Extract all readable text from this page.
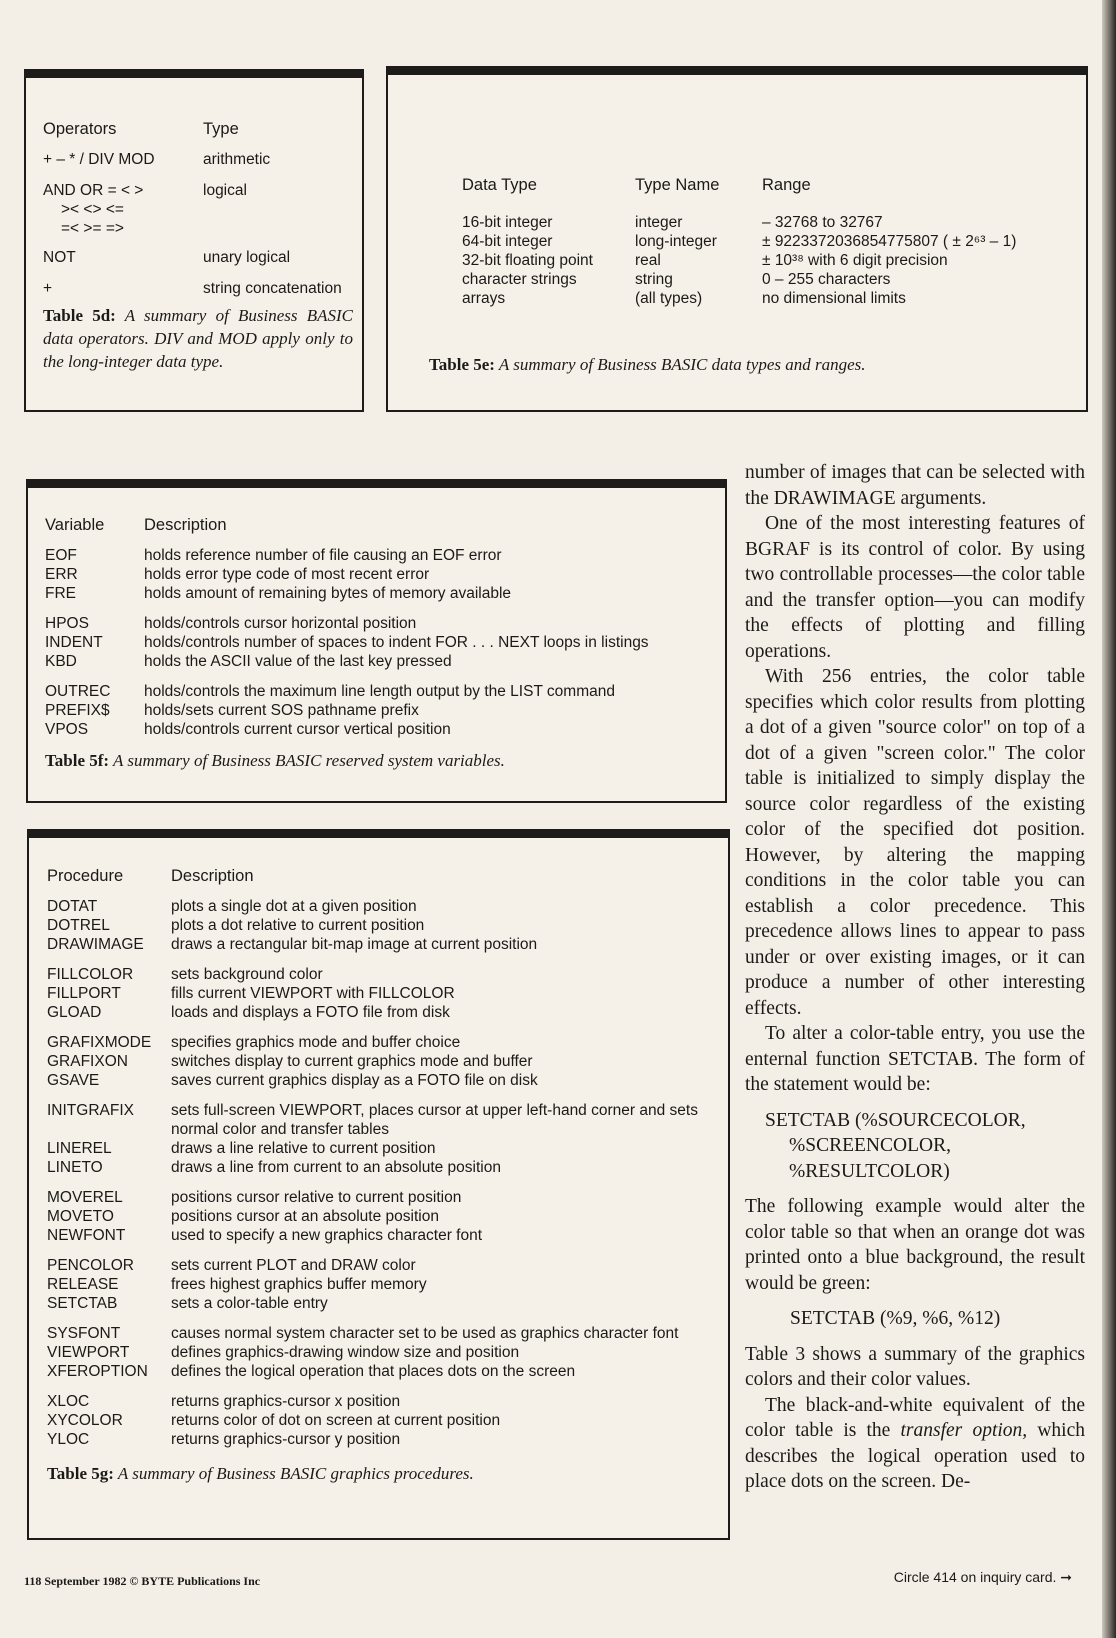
Operators	Type
+ – * / DIV MOD	arithmetic
AND OR = < >	logical
>< <> <=
=< >= =>
NOT	unary logical
+	string concatenation
Table 5d: A summary of Business BASIC data operators. DIV and MOD apply only to the long-integer data type.
Data Type	Type Name	Range
16-bit integer	integer	– 32768 to 32767
64-bit integer	long-integer	± 9223372036854775807 ( ± 2⁶³ – 1)
32-bit floating point	real	± 10³⁸ with 6 digit precision
character strings	string	0 – 255 characters
arrays	(all types)	no dimensional limits
Table 5e: A summary of Business BASIC data types and ranges.
Variable	Description
EOF	holds reference number of file causing an EOF error
ERR	holds error type code of most recent error
FRE	holds amount of remaining bytes of memory available
HPOS	holds/controls cursor horizontal position
INDENT	holds/controls number of spaces to indent FOR . . . NEXT loops in listings
KBD	holds the ASCII value of the last key pressed
OUTREC	holds/controls the maximum line length output by the LIST command
PREFIX$	holds/sets current SOS pathname prefix
VPOS	holds/controls current cursor vertical position
Table 5f: A summary of Business BASIC reserved system variables.
Procedure	Description
DOTAT	plots a single dot at a given position
DOTREL	plots a dot relative to current position
DRAWIMAGE	draws a rectangular bit-map image at current position
FILLCOLOR	sets background color
FILLPORT	fills current VIEWPORT with FILLCOLOR
GLOAD	loads and displays a FOTO file from disk
GRAFIXMODE	specifies graphics mode and buffer choice
GRAFIXON	switches display to current graphics mode and buffer
GSAVE	saves current graphics display as a FOTO file on disk
INITGRAFIX	sets full-screen VIEWPORT, places cursor at upper left-hand corner and sets normal color and transfer tables
LINEREL	draws a line relative to current position
LINETO	draws a line from current to an absolute position
MOVEREL	positions cursor relative to current position
MOVETO	positions cursor at an absolute position
NEWFONT	used to specify a new graphics character font
PENCOLOR	sets current PLOT and DRAW color
RELEASE	frees highest graphics buffer memory
SETCTAB	sets a color-table entry
SYSFONT	causes normal system character set to be used as graphics character font
VIEWPORT	defines graphics-drawing window size and position
XFEROPTION	defines the logical operation that places dots on the screen
XLOC	returns graphics-cursor x position
XYCOLOR	returns color of dot on screen at current position
YLOC	returns graphics-cursor y position
Table 5g: A summary of Business BASIC graphics procedures.

number of images that can be selected with the DRAWIMAGE arguments.

One of the most interesting features of BGRAF is its control of color. By using two controllable processes—the color table and the transfer option—you can modify the effects of plotting and filling operations.

With 256 entries, the color table specifies which color results from plotting a dot of a given "source color" on top of a dot of a given "screen color." The color table is initialized to simply display the source color regardless of the existing color of the specified dot position. However, by altering the mapping conditions in the color table you can establish a color precedence. This precedence allows lines to appear to pass under or over existing images, or it can produce a number of other interesting effects.

To alter a color-table entry, you use the enternal function SETCTAB. The form of the statement would be:

SETCTAB (%SOURCECOLOR,
%SCREENCOLOR,
%RESULTCOLOR)

The following example would alter the color table so that when an orange dot was printed onto a blue background, the result would be green:

SETCTAB (%9, %6, %12)

Table 3 shows a summary of the graphics colors and their color values.

The black-and-white equivalent of the color table is the transfer option, which describes the logical operation used to place dots on the screen. De-

118 September 1982 © BYTE Publications Inc	Circle 414 on inquiry card. ➞
